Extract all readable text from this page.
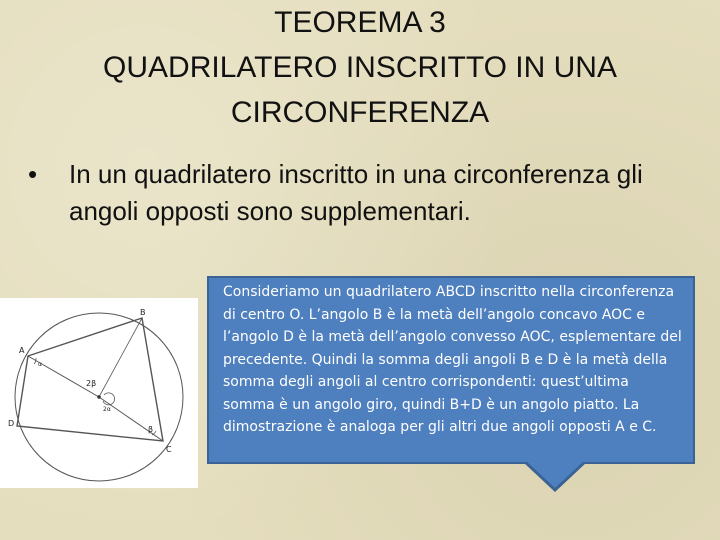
TEOREMA 3
QUADRILATERO INSCRITTO IN UNA
CIRCONFERENZA
•	In un quadrilatero inscritto in una circonferenza gli angoli opposti sono supplementari.
A
B
C
D
2β
β
α
2α
Consideriamo un quadrilatero ABCD inscritto nella circonferenza di centro O. L’angolo B è la metà dell’angolo concavo AOC e l’angolo D è la metà dell’angolo convesso AOC, esplementare del precedente. Quindi la somma degli angoli B e D è la metà della somma degli angoli al centro corrispondenti: quest’ultima somma è un angolo giro, quindi B+D è un angolo piatto. La dimostrazione è analoga per gli altri due angoli opposti A e C.
